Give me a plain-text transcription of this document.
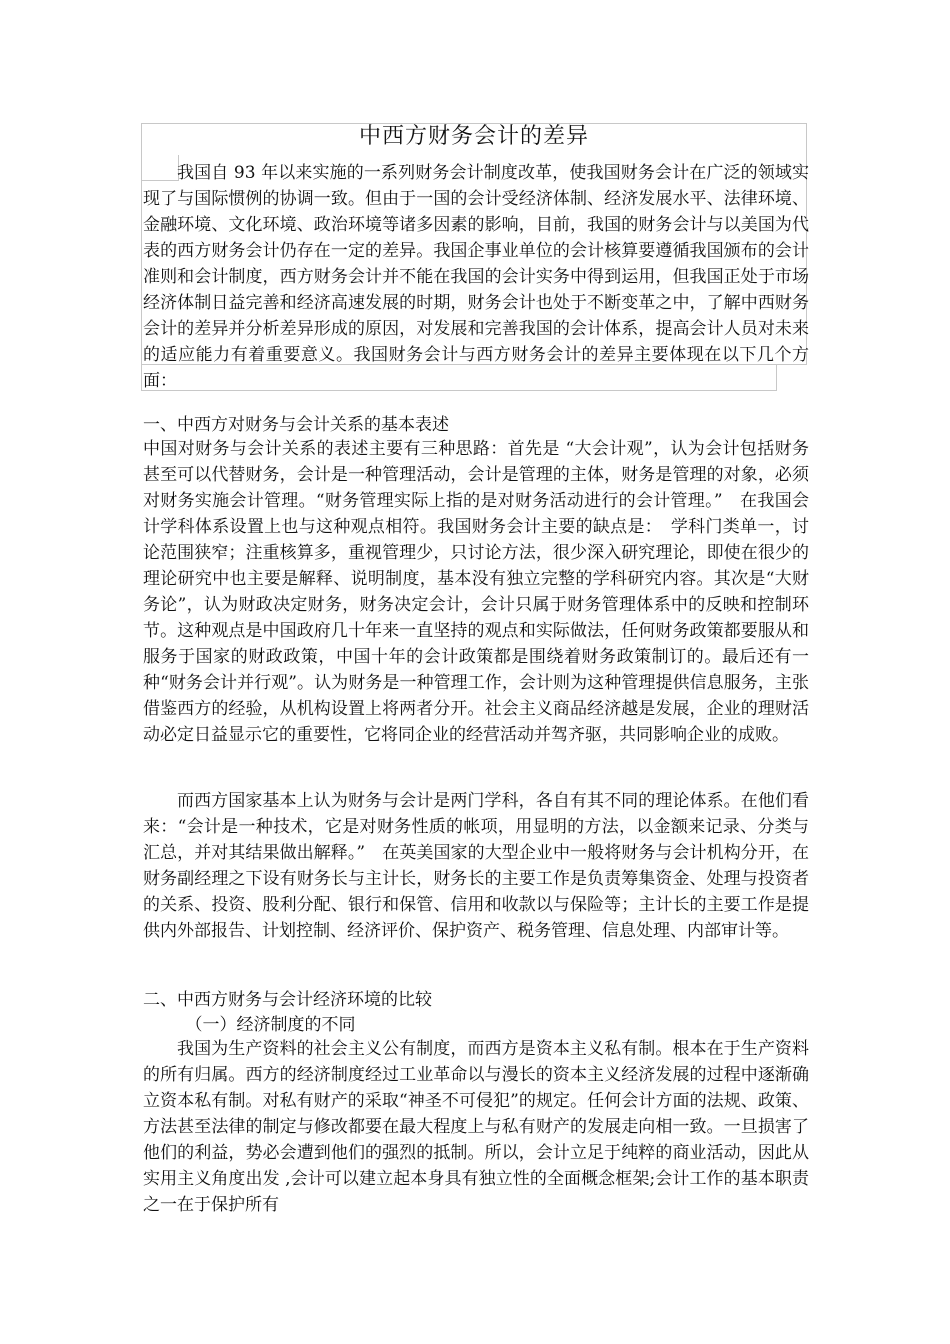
中西方财务会计的差异

我国自 93 年以来实施的一系列财务会计制度改革，使我国财务会计在广泛的领域实现了与国际惯例的协调一致。但由于一国的会计受经济体制、经济发展水平、法律环境、金融环境、文化环境、政治环境等诸多因素的影响，目前，我国的财务会计与以美国为代表的西方财务会计仍存在一定的差异。我国企事业单位的会计核算要遵循我国颁布的会计准则和会计制度，西方财务会计并不能在我国的会计实务中得到运用，但我国正处于市场经济体制日益完善和经济高速发展的时期，财务会计也处于不断变革之中，了解中西财务会计的差异并分析差异形成的原因，对发展和完善我国的会计体系，提高会计人员对未来的适应能力有着重要意义。我国财务会计与西方财务会计的差异主要体现在以下几个方面：

一、中西方对财务与会计关系的基本表述

中国对财务与会计关系的表述主要有三种思路：首先是 “大会计观”，认为会计包括财务甚至可以代替财务，会计是一种管理活动，会计是管理的主体，财务是管理的对象，必须对财务实施会计管理。“财务管理实际上指的是对财务活动进行的会计管理。”　在我国会计学科体系设置上也与这种观点相符。我国财务会计主要的缺点是：　学科门类单一，讨论范围狭窄；注重核算多，重视管理少，只讨论方法，很少深入研究理论，即使在很少的理论研究中也主要是解释、说明制度，基本没有独立完整的学科研究内容。其次是“大财务论”，认为财政决定财务，财务决定会计，会计只属于财务管理体系中的反映和控制环节。这种观点是中国政府几十年来一直坚持的观点和实际做法，任何财务政策都要服从和服务于国家的财政政策，中国十年的会计政策都是围绕着财务政策制订的。最后还有一种“财务会计并行观”。认为财务是一种管理工作，会计则为这种管理提供信息服务，主张借鉴西方的经验，从机构设置上将两者分开。社会主义商品经济越是发展，企业的理财活动必定日益显示它的重要性，它将同企业的经营活动并驾齐驱，共同影响企业的成败。

而西方国家基本上认为财务与会计是两门学科，各自有其不同的理论体系。在他们看来：“会计是一种技术，它是对财务性质的帐项，用显明的方法，以金额来记录、分类与汇总，并对其结果做出解释。”　在英美国家的大型企业中一般将财务与会计机构分开，在财务副经理之下设有财务长与主计长，财务长的主要工作是负责筹集资金、处理与投资者的关系、投资、股利分配、银行和保管、信用和收款以与保险等；主计长的主要工作是提供内外部报告、计划控制、经济评价、保护资产、税务管理、信息处理、内部审计等。

二、中西方财务与会计经济环境的比较
（一）经济制度的不同

我国为生产资料的社会主义公有制度，而西方是资本主义私有制。根本在于生产资料的所有归属。西方的经济制度经过工业革命以与漫长的资本主义经济发展的过程中逐渐确立资本私有制。对私有财产的采取“神圣不可侵犯”的规定。任何会计方面的法规、政策、方法甚至法律的制定与修改都要在最大程度上与私有财产的发展走向相一致。一旦损害了他们的利益，势必会遭到他们的强烈的抵制。所以，会计立足于纯粹的商业活动，因此从实用主义角度出发 ,会计可以建立起本身具有独立性的全面概念框架;会计工作的基本职责之一在于保护所有
